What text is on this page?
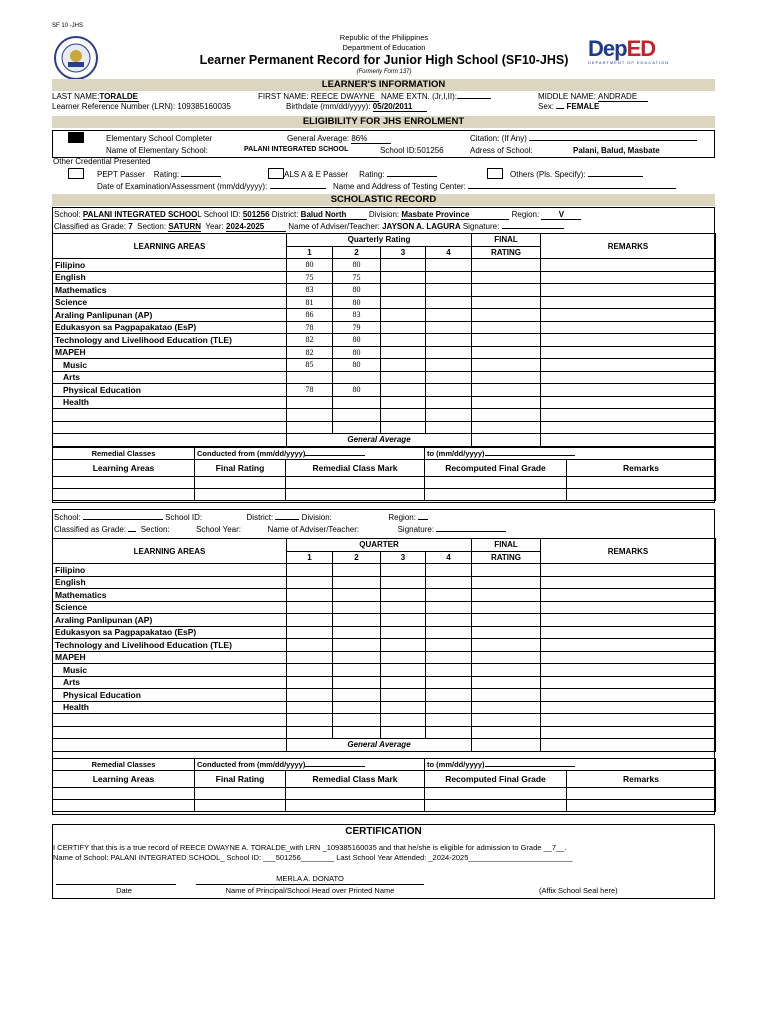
SF 10 -JHS
Republic of the Philippines
Department of Education
Learner Permanent Record for Junior High School (SF10-JHS)
(Formerly Form 137)
DepED
DEPARTMENT OF EDUCATION
LEARNER'S INFORMATION
LAST NAME:TORALDE	FIRST NAME: REECE DWAYNE NAME EXTN. (Jr,I,II):	MIDDLE NAME: ANDRADE
Learner Reference Number (LRN): 109385160035	Birthdate (mm/dd/yyyy): 05/20/2011	Sex: FEMALE
ELIGIBILITY FOR JHS ENROLMENT
Elementary School Completer	General Average: 86%	Citation: (If Any)
Name of Elementary School:	PALANI INTEGRATED SCHOOL	School ID:501256	Adress of School:	Palani, Balud, Masbate
Other Credential Presented
PEPT Passer Rating:	ALS A & E Passer Rating:	Others (Pls. Specify):
Date of Examination/Assessment (mm/dd/yyyy):	Name and Address of Testing Center:
SCHOLASTIC RECORD
School: PALANI INTEGRATED SCHOOL School ID: 501256 District: Balud North	Division: Masbate Province	Region: V
Classified as Grade: 7 Section: SATURN Year: 2024-2025	Name of Adviser/Teacher: JAYSON A. LAGURA Signature:
LEARNING AREAS	Quarterly Rating				FINAL	REMARKS
	1	2	3	4	RATING	
Filipino	80	80				
English	75	75				
Mathematics	83	80				
Science	81	80				
Araling Panlipunan (AP)	86	83				
Edukasyon sa Pagpapakatao (EsP)	78	79				
Technology and Livelihood Education (TLE)	82	80				
MAPEH	82	80				
Music	85	80				
Arts						
Physical Education	78	80				
Health						

	General Average					
Remedial Classes	Conducted from (mm/dd/yyyy)		to (mm/dd/yyyy)	
Learning Areas	Final Rating	Remedial Class Mark	Recomputed Final Grade	Remarks

School:	School ID:	District:	Division:	Region:
Classified as Grade: Section:	School Year:	Name of Adviser/Teacher:	Signature:
LEARNING AREAS	QUARTER				FINAL	REMARKS
	1	2	3	4	RATING	
Filipino						
English						
Mathematics						
Science						
Araling Panlipunan (AP)						
Edukasyon sa Pagpapakatao (EsP)						
Technology and Livelihood Education (TLE)						
MAPEH						
Music						
Arts						
Physical Education						
Health						

	General Average					
Remedial Classes	Conducted from (mm/dd/yyyy)		to (mm/dd/yyyy)	
Learning Areas	Final Rating	Remedial Class Mark	Recomputed Final Grade	Remarks

CERTIFICATION
I CERTIFY that this is a true record of REECE DWAYNE A. TORALDE_with LRN _109385160035 and that he/she is eligible for admission to Grade __7__.
Name of School: PALANI INTEGRATED SCHOOL_ School ID: ___501256________ Last School Year Attended: _2024-2025_________________________
MERLA A. DONATO
Date	Name of Principal/School Head over Printed Name	(Affix School Seal here)
